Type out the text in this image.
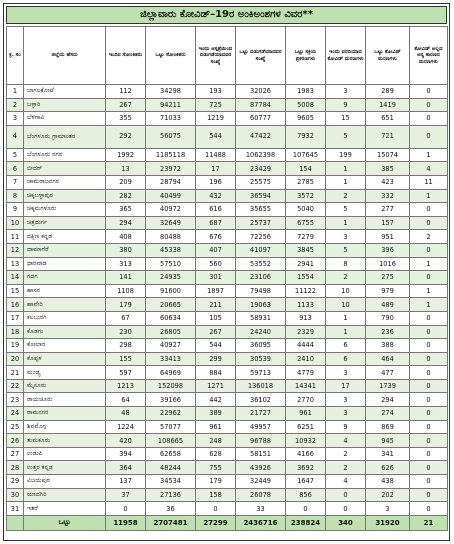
ಜಿಲ್ಲಾವಾರು ಕೋವಿಡ್–19ರ ಅಂಕಿಅಂಶಗಳ ವಿವರ**
ಕ್ರ. ಸಂ	ಜಿಲ್ಲೆಯ ಹೆಸರು	ಇಂದಿನ ಸೋಂಕಿತರು	ಒಟ್ಟು ಸೋಂಕಿತರು	ಇಂದು ಆಸ್ಪತ್ರೆಯಿಂದ ಬಿಡುಗಡೆಯಾದವರ ಸಂಖ್ಯೆ	ಒಟ್ಟು ಬಿಡುಗಡೆಯಾದವರ ಸಂಖ್ಯೆ	ಒಟ್ಟು ಸಕ್ರಿಯ ಪ್ರಕರಣಗಳು	ಇಂದು ವರದಿಯಾದ ಕೋವಿಡ್ ಮರಣಗಳು	ಒಟ್ಟು ಕೋವಿಡ್ ಮರಣಗಳು	ಕೋವಿಡ್ ಅಲ್ಲದ ಅನ್ಯ ಕಾರಣದ ಮರಣಗಳು
1	ಬಾಗಲಕೋಟೆ	112	34298	193	32026	1983	3	289	0
2	ಬಳ್ಳಾರಿ	267	94211	725	87784	5008	9	1419	0
3	ಬೆಳಗಾವಿ	355	71033	1219	60777	9605	15	651	0
4	ಬೆಂಗಳೂರು ಗ್ರಾಮಾಂತರ	292	56075	544	47422	7932	5	721	0
5	ಬೆಂಗಳೂರು ನಗರ	1992	1185118	11488	1062398	107645	199	15074	1
6	ಬೀದರ್	13	23972	17	23429	154	1	385	4
7	ಚಾಮರಾಜನಗರ	209	28794	196	25575	2785	1	423	11
8	ಚಿಕ್ಕಬಳ್ಳಾಪುರ	282	40499	432	36594	3572	2	332	1
9	ಚಿಕ್ಕಮಗಳೂರು	365	40972	616	35655	5040	5	277	0
10	ಚಿತ್ರದುರ್ಗ	294	32649	687	25737	6755	1	157	0
11	ದಕ್ಷಿಣ ಕನ್ನಡ	408	80488	676	72256	7279	3	951	2
12	ದಾವಣಗೆರೆ	380	45338	407	41097	3845	5	396	0
13	ಧಾರವಾಡ	313	57510	560	53552	2941	8	1016	1
14	ಗದಗ	141	24935	301	23106	1554	2	275	0
15	ಹಾಸನ	1108	91600	1897	79498	11122	10	979	1
16	ಹಾವೇರಿ	179	20665	211	19063	1133	10	489	1
17	ಕಲಬುರಗಿ	67	60634	105	58931	913	1	790	0
18	ಕೊಡಗು	230	26805	267	24240	2329	1	236	0
19	ಕೋಲಾರ	298	40927	544	36095	4444	6	388	0
20	ಕೊಪ್ಪಳ	155	33413	299	30539	2410	6	464	0
21	ಮಂಡ್ಯ	597	64969	884	59713	4779	3	477	0
22	ಮೈಸೂರು	1213	152098	1271	136018	14341	17	1739	0
23	ರಾಯಚೂರು	64	39166	442	36102	2770	3	294	0
24	ರಾಮನಗರ	48	22962	389	21727	961	3	274	0
25	ಶಿವಮೊಗ್ಗ	1224	57077	961	49957	6251	9	869	0
26	ತುಮಕೂರು	420	108665	248	96788	10932	4	945	0
27	ಉಡುಪಿ	394	62658	628	58151	4166	2	341	0
28	ಉತ್ತರ ಕನ್ನಡ	364	48244	755	43926	3692	2	626	0
29	ವಿಜಯಪುರ	137	34534	179	32449	1647	4	438	0
30	ಯಾದಗಿರಿ	37	27136	158	26078	856	0	202	0
31	ಇತರೆ	0	36	0	33	0	0	3	0
	ಒಟ್ಟು	11958	2707481	27299	2436716	238824	340	31920	21
